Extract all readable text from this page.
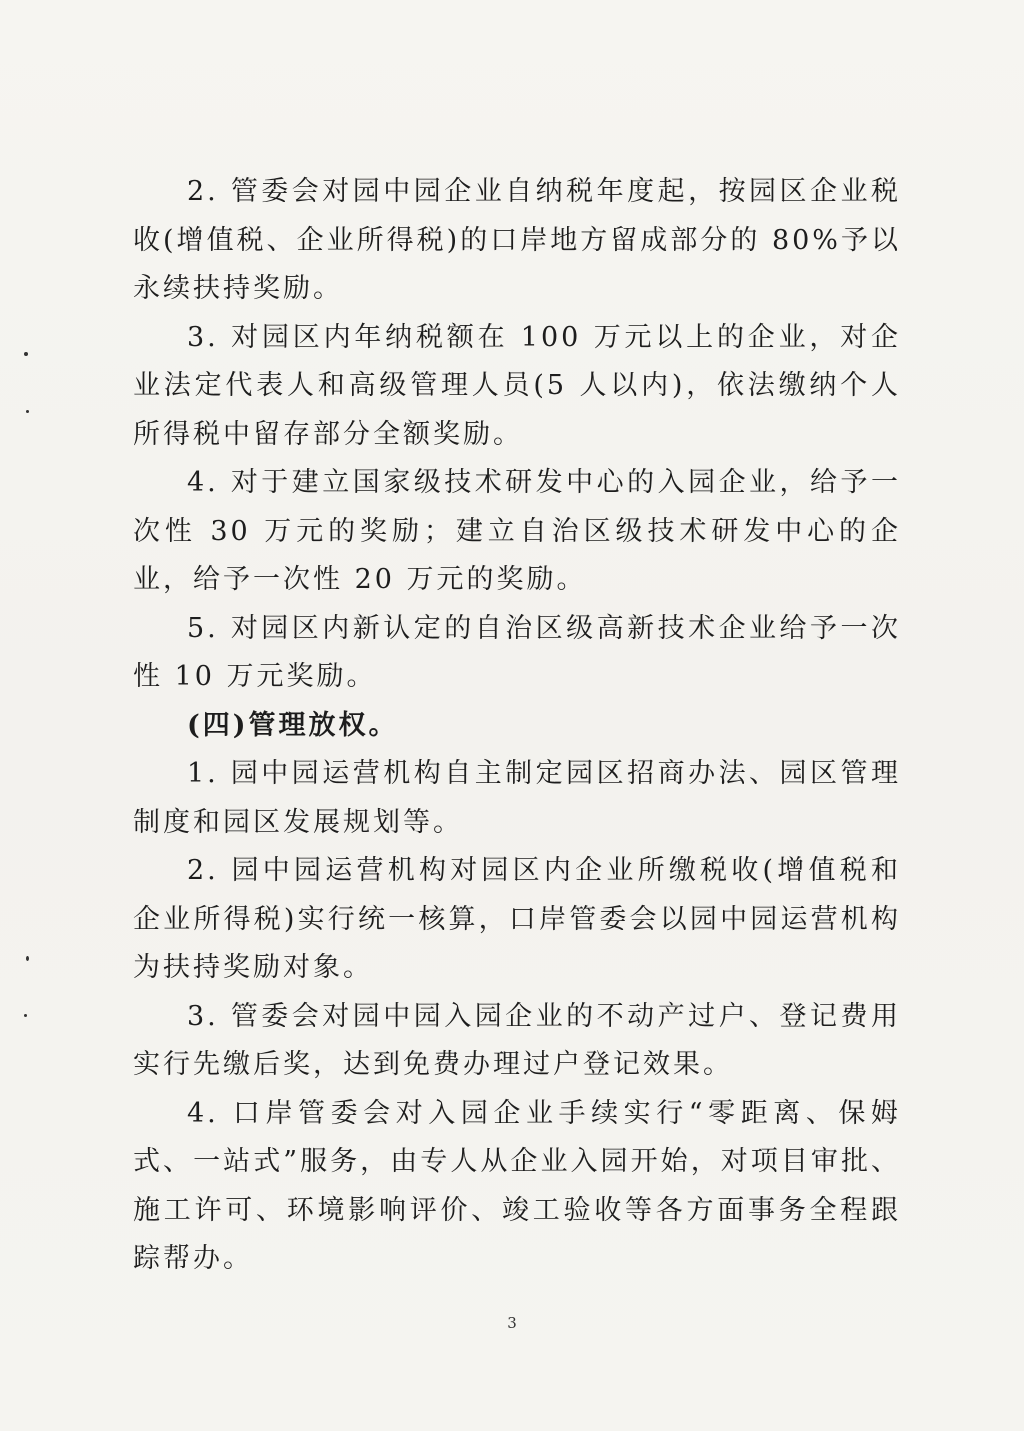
2. 管委会对园中园企业自纳税年度起，按园区企业税收(增值税、企业所得税)的口岸地方留成部分的 80%予以永续扶持奖励。

3. 对园区内年纳税额在 100 万元以上的企业，对企业法定代表人和高级管理人员(5 人以内)，依法缴纳个人所得税中留存部分全额奖励。

4. 对于建立国家级技术研发中心的入园企业，给予一次性 30 万元的奖励；建立自治区级技术研发中心的企业，给予一次性 20 万元的奖励。

5. 对园区内新认定的自治区级高新技术企业给予一次性 10 万元奖励。

(四)管理放权。

1. 园中园运营机构自主制定园区招商办法、园区管理制度和园区发展规划等。

2. 园中园运营机构对园区内企业所缴税收(增值税和企业所得税)实行统一核算，口岸管委会以园中园运营机构为扶持奖励对象。

3. 管委会对园中园入园企业的不动产过户、登记费用实行先缴后奖，达到免费办理过户登记效果。

4. 口岸管委会对入园企业手续实行“零距离、保姆式、一站式”服务，由专人从企业入园开始，对项目审批、施工许可、环境影响评价、竣工验收等各方面事务全程跟踪帮办。

3
